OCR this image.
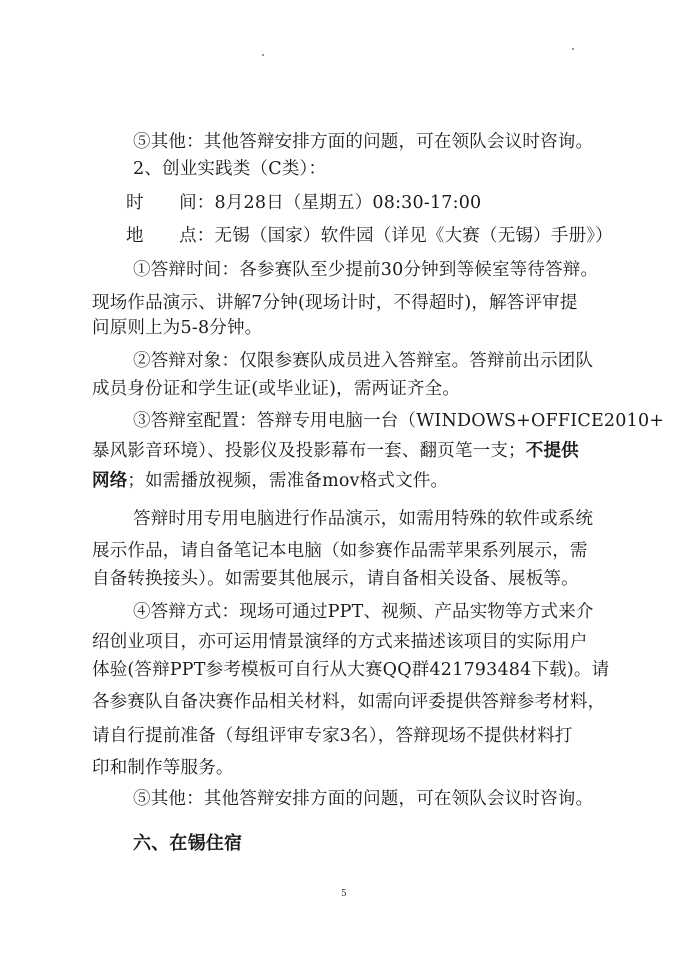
⑤其他：其他答辩安排方面的问题，可在领队会议时咨询。
2、创业实践类（C类）：
时　　间：8月28日（星期五）08:30-17:00
地　　点：无锡（国家）软件园（详见《大赛（无锡）手册》）
①答辩时间：各参赛队至少提前30分钟到等候室等待答辩。
现场作品演示、讲解7分钟(现场计时，不得超时)，解答评审提
问原则上为5-8分钟。
②答辩对象：仅限参赛队成员进入答辩室。答辩前出示团队
成员身份证和学生证(或毕业证)，需两证齐全。
③答辩室配置：答辩专用电脑一台（WINDOWS+OFFICE2010+
暴风影音环境）、投影仪及投影幕布一套、翻页笔一支；不提供
网络；如需播放视频，需准备mov格式文件。
答辩时用专用电脑进行作品演示，如需用特殊的软件或系统
展示作品，请自备笔记本电脑（如参赛作品需苹果系列展示，需
自备转换接头）。如需要其他展示，请自备相关设备、展板等。
④答辩方式：现场可通过PPT、视频、产品实物等方式来介
绍创业项目，亦可运用情景演绎的方式来描述该项目的实际用户
体验(答辩PPT参考模板可自行从大赛QQ群421793484下载)。请
各参赛队自备决赛作品相关材料，如需向评委提供答辩参考材料，
请自行提前准备（每组评审专家3名），答辩现场不提供材料打
印和制作等服务。
⑤其他：其他答辩安排方面的问题，可在领队会议时咨询。
六、在锡住宿
5
